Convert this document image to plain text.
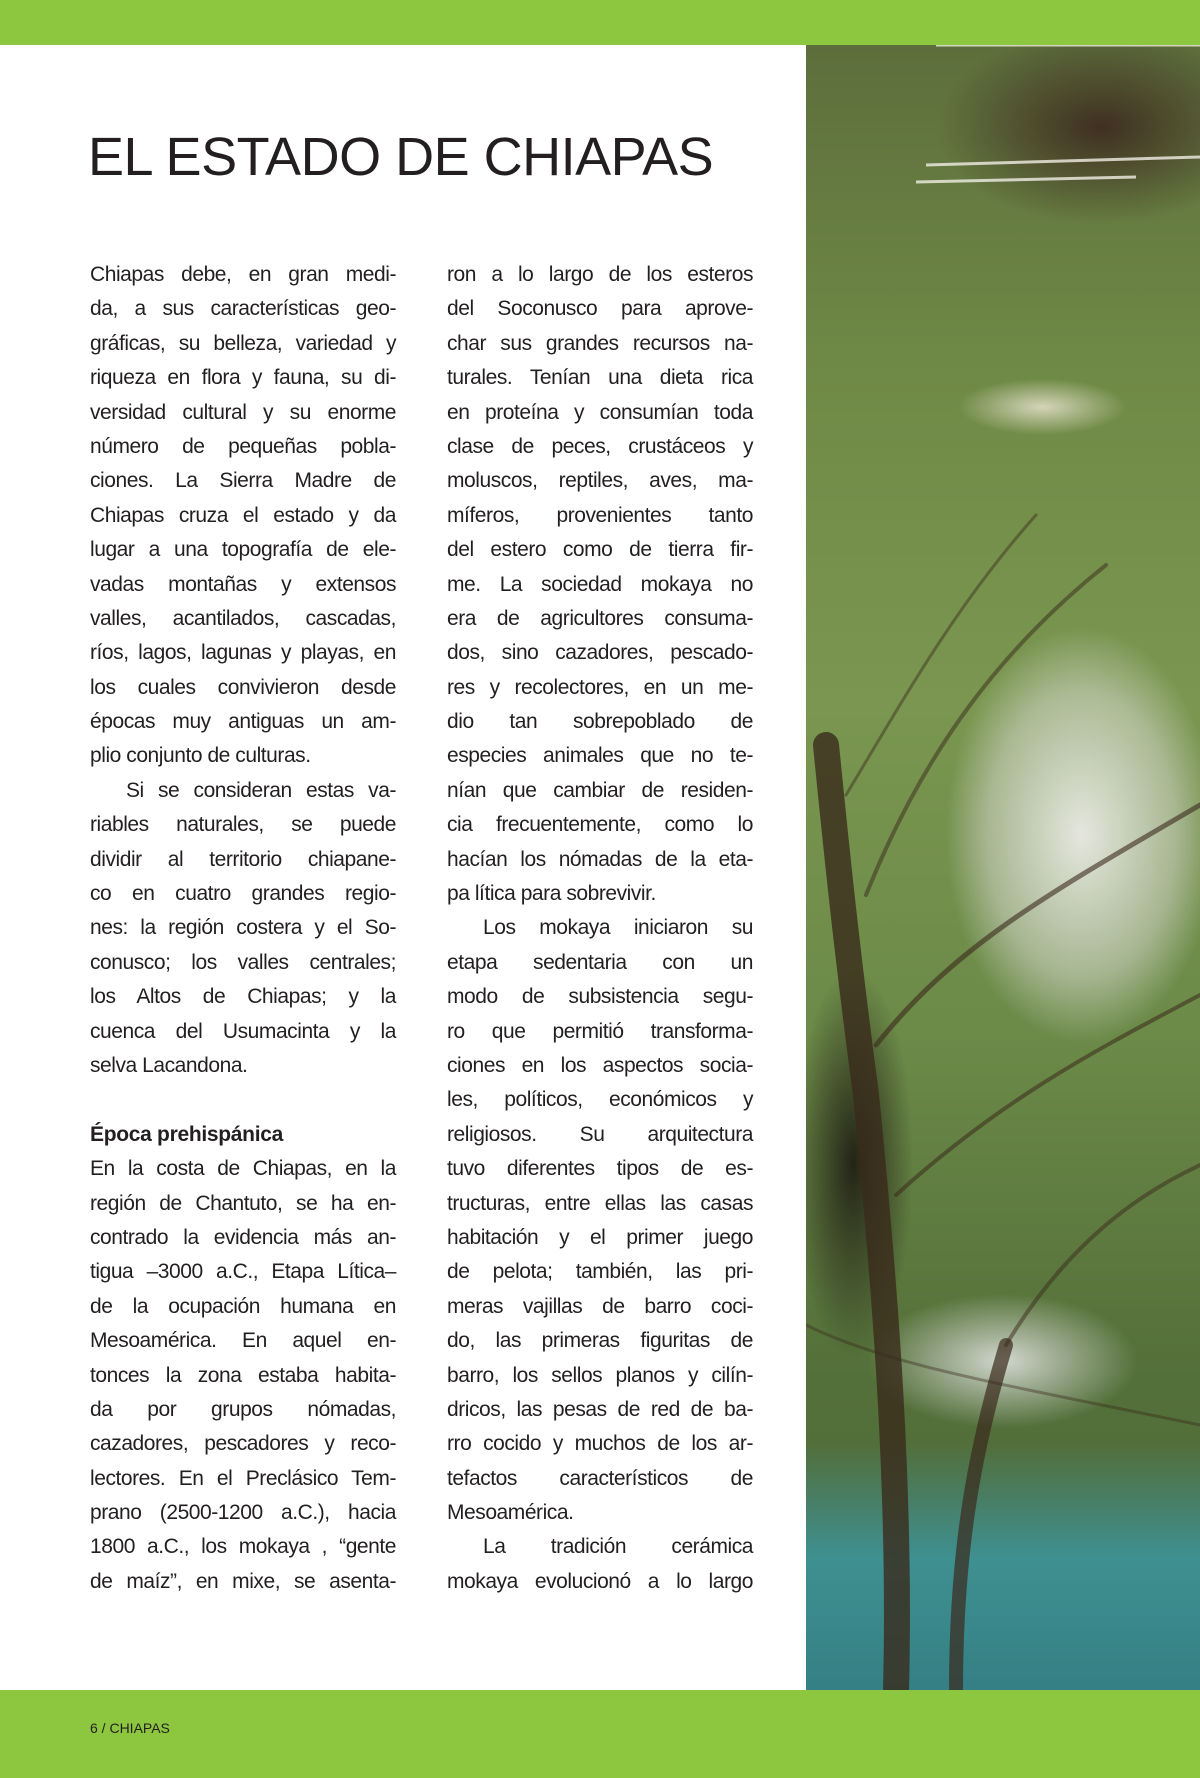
EL ESTADO DE CHIAPAS
Chiapas debe, en gran medi-
da, a sus características geo-
gráficas, su belleza, variedad y
riqueza en flora y fauna, su di-
versidad cultural y su enorme
número de pequeñas pobla-
ciones. La Sierra Madre de
Chiapas cruza el estado y da
lugar a una topografía de ele-
vadas montañas y extensos
valles, acantilados, cascadas,
ríos, lagos, lagunas y playas, en
los cuales convivieron desde
épocas muy antiguas un am-
plio conjunto de culturas.
Si se consideran estas va-
riables naturales, se puede
dividir al territorio chiapane-
co en cuatro grandes regio-
nes: la región costera y el So-
conusco; los valles centrales;
los Altos de Chiapas; y la
cuenca del Usumacinta y la
selva Lacandona.
Época prehispánica
En la costa de Chiapas, en la
región de Chantuto, se ha en-
contrado la evidencia más an-
tigua –3000 a.C., Etapa Lítica–
de la ocupación humana en
Mesoamérica. En aquel en-
tonces la zona estaba habita-
da por grupos nómadas,
cazadores, pescadores y reco-
lectores. En el Preclásico Tem-
prano (2500-1200 a.C.), hacia
1800 a.C., los mokaya , “gente
de maíz”, en mixe, se asenta-
ron a lo largo de los esteros
del Soconusco para aprove-
char sus grandes recursos na-
turales. Tenían una dieta rica
en proteína y consumían toda
clase de peces, crustáceos y
moluscos, reptiles, aves, ma-
míferos, provenientes tanto
del estero como de tierra fir-
me. La sociedad mokaya no
era de agricultores consuma-
dos, sino cazadores, pescado-
res y recolectores, en un me-
dio tan sobrepoblado de
especies animales que no te-
nían que cambiar de residen-
cia frecuentemente, como lo
hacían los nómadas de la eta-
pa lítica para sobrevivir.
Los mokaya iniciaron su
etapa sedentaria con un
modo de subsistencia segu-
ro que permitió transforma-
ciones en los aspectos socia-
les, políticos, económicos y
religiosos. Su arquitectura
tuvo diferentes tipos de es-
tructuras, entre ellas las casas
habitación y el primer juego
de pelota; también, las pri-
meras vajillas de barro coci-
do, las primeras figuritas de
barro, los sellos planos y cilín-
dricos, las pesas de red de ba-
rro cocido y muchos de los ar-
tefactos característicos de
Mesoamérica.
La tradición cerámica
mokaya evolucionó a lo largo
6 / CHIAPAS
